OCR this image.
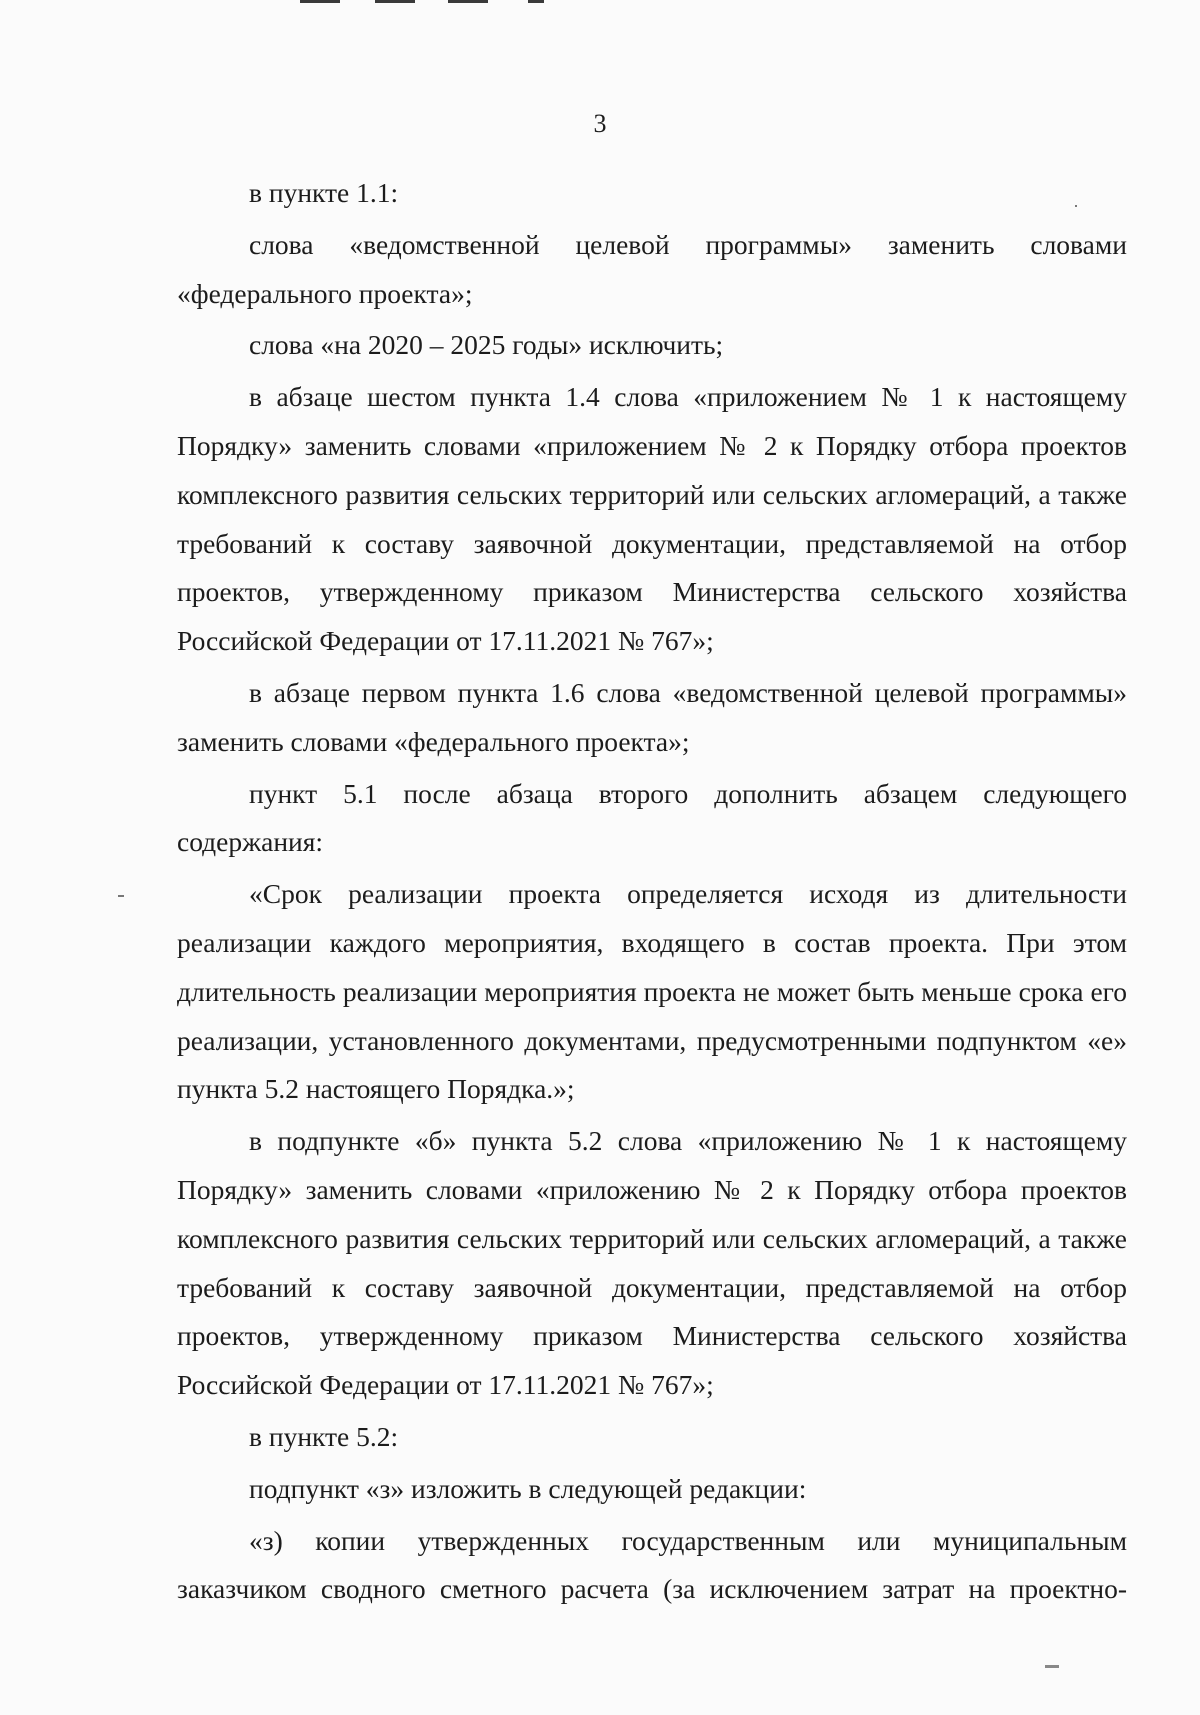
3

в пункте 1.1:

слова «ведомственной целевой программы» заменить словами «федерального проекта»;

слова «на 2020 – 2025 годы» исключить;

в абзаце шестом пункта 1.4 слова «приложением № 1 к настоящему Порядку» заменить словами «приложением № 2 к Порядку отбора проектов комплексного развития сельских территорий или сельских агломераций, а также требований к составу заявочной документации, представляемой на отбор проектов, утвержденному приказом Министерства сельского хозяйства Российской Федерации от 17.11.2021 № 767»;

в абзаце первом пункта 1.6 слова «ведомственной целевой программы» заменить словами «федерального проекта»;

пункт 5.1 после абзаца второго дополнить абзацем следующего содержания:

«Срок реализации проекта определяется исходя из длительности реализации каждого мероприятия, входящего в состав проекта. При этом длительность реализации мероприятия проекта не может быть меньше срока его реализации, установленного документами, предусмотренными подпунктом «е» пункта 5.2 настоящего Порядка.»;

в подпункте «б» пункта 5.2 слова «приложению № 1 к настоящему Порядку» заменить словами «приложению № 2 к Порядку отбора проектов комплексного развития сельских территорий или сельских агломераций, а также требований к составу заявочной документации, представляемой на отбор проектов, утвержденному приказом Министерства сельского хозяйства Российской Федерации от 17.11.2021 № 767»;

в пункте 5.2:

подпункт «з» изложить в следующей редакции:

«з) копии утвержденных государственным или муниципальным заказчиком сводного сметного расчета (за исключением затрат на проектно-
